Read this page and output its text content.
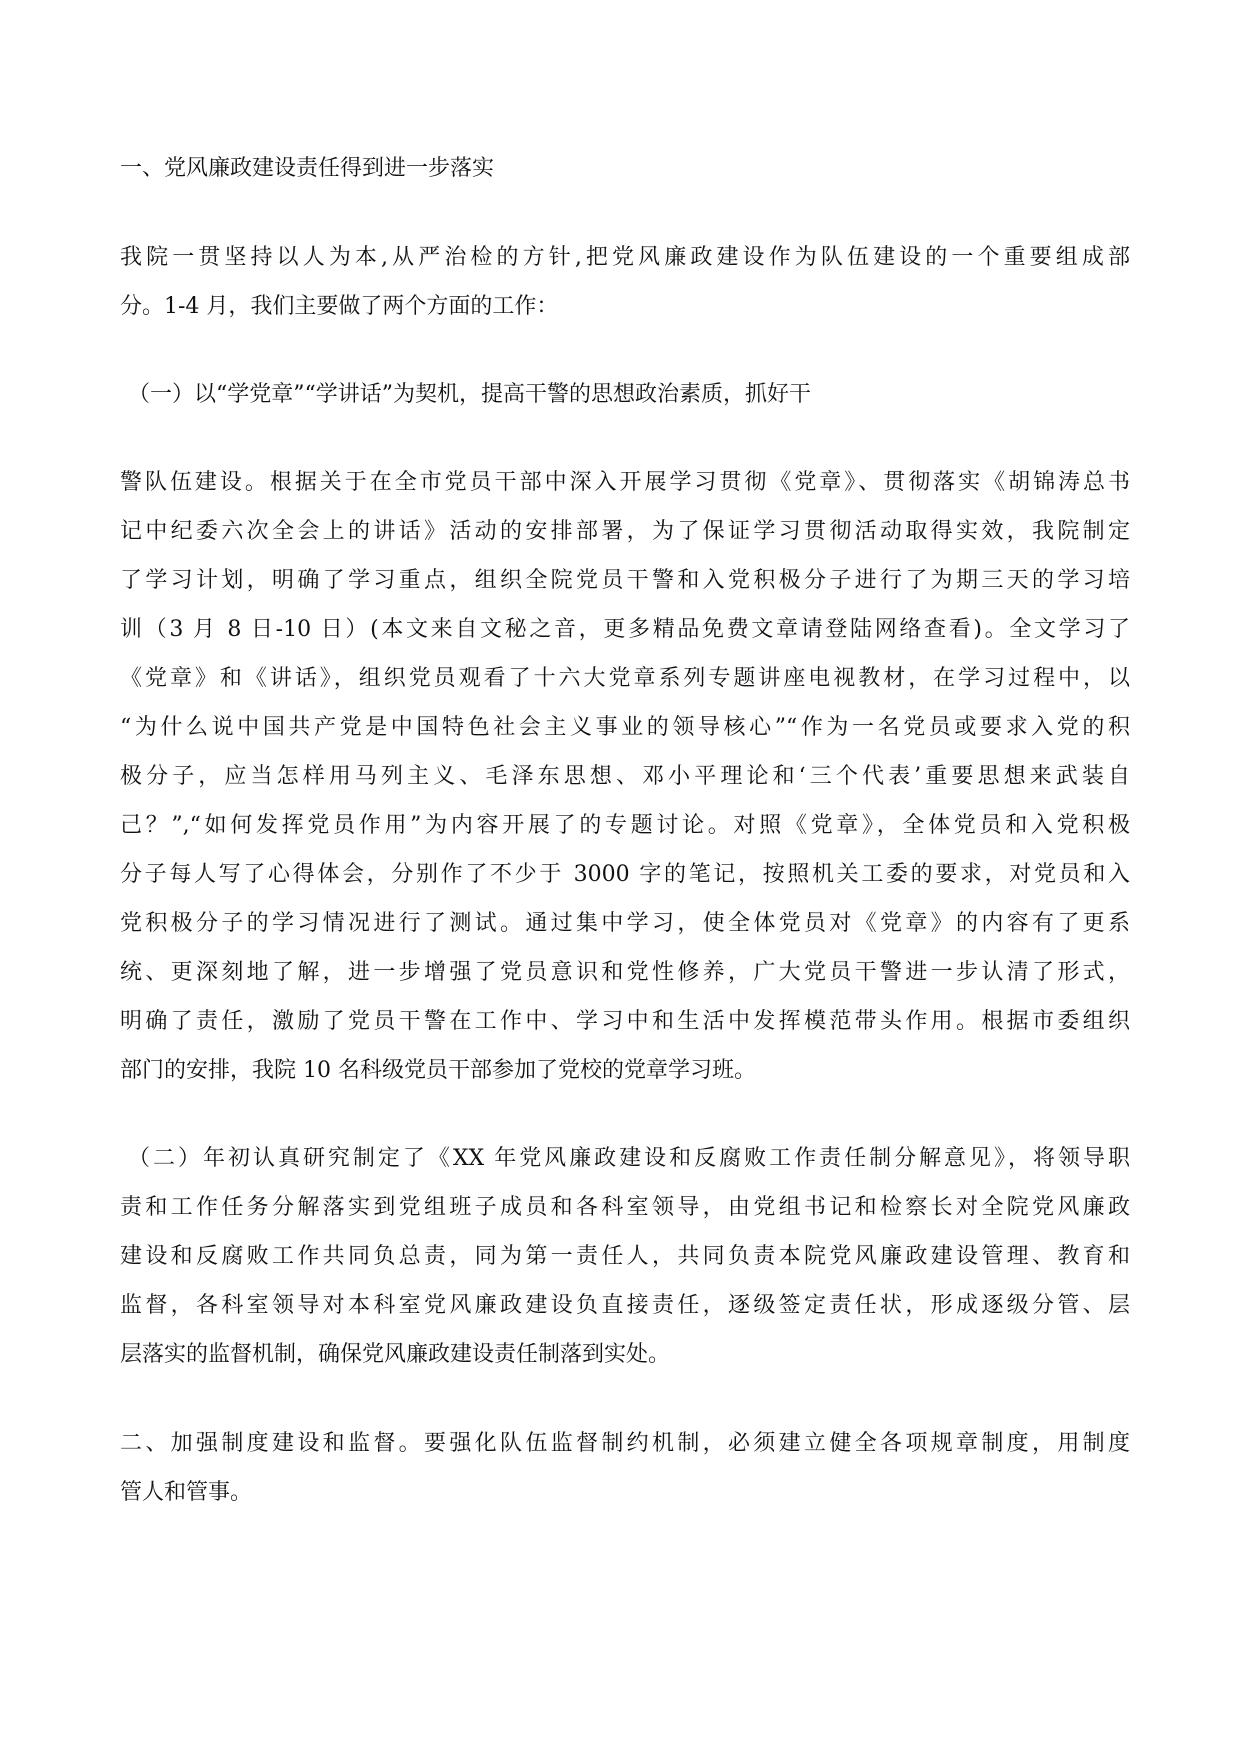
一、党风廉政建设责任得到进一步落实

我院一贯坚持以人为本,从严治检的方针,把党风廉政建设作为队伍建设的一个重要组成部

分。1-4 月，我们主要做了两个方面的工作：

（一）以“学党章”“学讲话”为契机，提高干警的思想政治素质，抓好干

警队伍建设。根据关于在全市党员干部中深入开展学习贯彻《党章》、贯彻落实《胡锦涛总书

记中纪委六次全会上的讲话》活动的安排部署，为了保证学习贯彻活动取得实效，我院制定

了学习计划，明确了学习重点，组织全院党员干警和入党积极分子进行了为期三天的学习培

训（3 月 8 日-10 日）(本文来自文秘之音，更多精品免费文章请登陆网络查看)。全文学习了

《党章》和《讲话》，组织党员观看了十六大党章系列专题讲座电视教材，在学习过程中，以

“为什么说中国共产党是中国特色社会主义事业的领导核心”“作为一名党员或要求入党的积

极分子，应当怎样用马列主义、毛泽东思想、邓小平理论和‘三个代表’重要思想来武装自

己？”,“如何发挥党员作用”为内容开展了的专题讨论。对照《党章》，全体党员和入党积极

分子每人写了心得体会，分别作了不少于 3000 字的笔记，按照机关工委的要求，对党员和入

党积极分子的学习情况进行了测试。通过集中学习，使全体党员对《党章》的内容有了更系

统、更深刻地了解，进一步增强了党员意识和党性修养，广大党员干警进一步认清了形式，

明确了责任，激励了党员干警在工作中、学习中和生活中发挥模范带头作用。根据市委组织

部门的安排，我院 10 名科级党员干部参加了党校的党章学习班。

（二）年初认真研究制定了《XX 年党风廉政建设和反腐败工作责任制分解意见》，将领导职

责和工作任务分解落实到党组班子成员和各科室领导，由党组书记和检察长对全院党风廉政

建设和反腐败工作共同负总责，同为第一责任人，共同负责本院党风廉政建设管理、教育和

监督，各科室领导对本科室党风廉政建设负直接责任，逐级签定责任状，形成逐级分管、层

层落实的监督机制，确保党风廉政建设责任制落到实处。

二、加强制度建设和监督。要强化队伍监督制约机制，必须建立健全各项规章制度，用制度

管人和管事。
